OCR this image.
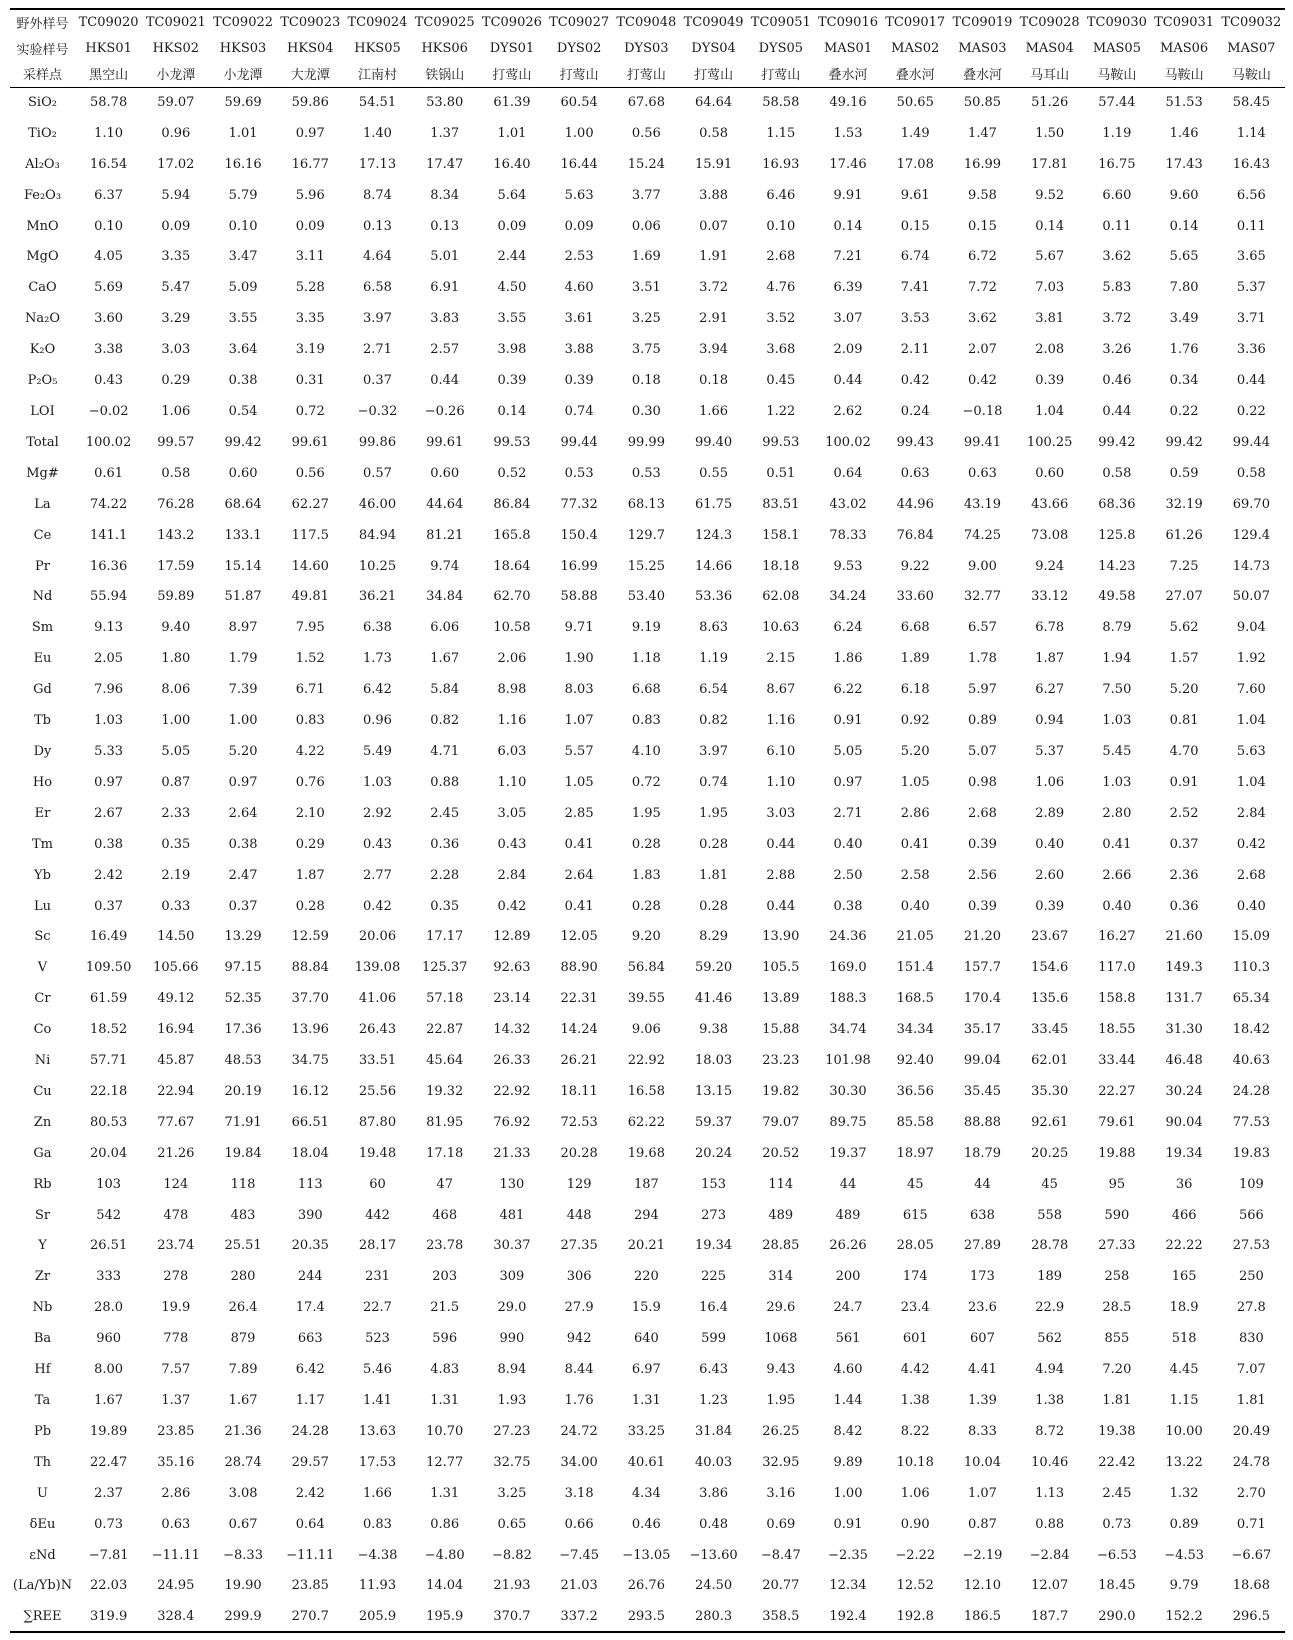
野外样号	TC09020	TC09021	TC09022	TC09023	TC09024	TC09025	TC09026	TC09027	TC09048	TC09049	TC09051	TC09016	TC09017	TC09019	TC09028	TC09030	TC09031	TC09032
实验样号	HKS01	HKS02	HKS03	HKS04	HKS05	HKS06	DYS01	DYS02	DYS03	DYS04	DYS05	MAS01	MAS02	MAS03	MAS04	MAS05	MAS06	MAS07
采样点	黑空山	小龙潭	小龙潭	大龙潭	江南村	铁锅山	打莺山	打莺山	打莺山	打莺山	打莺山	叠水河	叠水河	叠水河	马耳山	马鞍山	马鞍山	马鞍山
SiO₂	58.78	59.07	59.69	59.86	54.51	53.80	61.39	60.54	67.68	64.64	58.58	49.16	50.65	50.85	51.26	57.44	51.53	58.45
TiO₂	1.10	0.96	1.01	0.97	1.40	1.37	1.01	1.00	0.56	0.58	1.15	1.53	1.49	1.47	1.50	1.19	1.46	1.14
Al₂O₃	16.54	17.02	16.16	16.77	17.13	17.47	16.40	16.44	15.24	15.91	16.93	17.46	17.08	16.99	17.81	16.75	17.43	16.43
Fe₂O₃	6.37	5.94	5.79	5.96	8.74	8.34	5.64	5.63	3.77	3.88	6.46	9.91	9.61	9.58	9.52	6.60	9.60	6.56
MnO	0.10	0.09	0.10	0.09	0.13	0.13	0.09	0.09	0.06	0.07	0.10	0.14	0.15	0.15	0.14	0.11	0.14	0.11
MgO	4.05	3.35	3.47	3.11	4.64	5.01	2.44	2.53	1.69	1.91	2.68	7.21	6.74	6.72	5.67	3.62	5.65	3.65
CaO	5.69	5.47	5.09	5.28	6.58	6.91	4.50	4.60	3.51	3.72	4.76	6.39	7.41	7.72	7.03	5.83	7.80	5.37
Na₂O	3.60	3.29	3.55	3.35	3.97	3.83	3.55	3.61	3.25	2.91	3.52	3.07	3.53	3.62	3.81	3.72	3.49	3.71
K₂O	3.38	3.03	3.64	3.19	2.71	2.57	3.98	3.88	3.75	3.94	3.68	2.09	2.11	2.07	2.08	3.26	1.76	3.36
P₂O₅	0.43	0.29	0.38	0.31	0.37	0.44	0.39	0.39	0.18	0.18	0.45	0.44	0.42	0.42	0.39	0.46	0.34	0.44
LOI	−0.02	1.06	0.54	0.72	−0.32	−0.26	0.14	0.74	0.30	1.66	1.22	2.62	0.24	−0.18	1.04	0.44	0.22	0.22
Total	100.02	99.57	99.42	99.61	99.86	99.61	99.53	99.44	99.99	99.40	99.53	100.02	99.43	99.41	100.25	99.42	99.42	99.44
Mg#	0.61	0.58	0.60	0.56	0.57	0.60	0.52	0.53	0.53	0.55	0.51	0.64	0.63	0.63	0.60	0.58	0.59	0.58
La	74.22	76.28	68.64	62.27	46.00	44.64	86.84	77.32	68.13	61.75	83.51	43.02	44.96	43.19	43.66	68.36	32.19	69.70
Ce	141.1	143.2	133.1	117.5	84.94	81.21	165.8	150.4	129.7	124.3	158.1	78.33	76.84	74.25	73.08	125.8	61.26	129.4
Pr	16.36	17.59	15.14	14.60	10.25	9.74	18.64	16.99	15.25	14.66	18.18	9.53	9.22	9.00	9.24	14.23	7.25	14.73
Nd	55.94	59.89	51.87	49.81	36.21	34.84	62.70	58.88	53.40	53.36	62.08	34.24	33.60	32.77	33.12	49.58	27.07	50.07
Sm	9.13	9.40	8.97	7.95	6.38	6.06	10.58	9.71	9.19	8.63	10.63	6.24	6.68	6.57	6.78	8.79	5.62	9.04
Eu	2.05	1.80	1.79	1.52	1.73	1.67	2.06	1.90	1.18	1.19	2.15	1.86	1.89	1.78	1.87	1.94	1.57	1.92
Gd	7.96	8.06	7.39	6.71	6.42	5.84	8.98	8.03	6.68	6.54	8.67	6.22	6.18	5.97	6.27	7.50	5.20	7.60
Tb	1.03	1.00	1.00	0.83	0.96	0.82	1.16	1.07	0.83	0.82	1.16	0.91	0.92	0.89	0.94	1.03	0.81	1.04
Dy	5.33	5.05	5.20	4.22	5.49	4.71	6.03	5.57	4.10	3.97	6.10	5.05	5.20	5.07	5.37	5.45	4.70	5.63
Ho	0.97	0.87	0.97	0.76	1.03	0.88	1.10	1.05	0.72	0.74	1.10	0.97	1.05	0.98	1.06	1.03	0.91	1.04
Er	2.67	2.33	2.64	2.10	2.92	2.45	3.05	2.85	1.95	1.95	3.03	2.71	2.86	2.68	2.89	2.80	2.52	2.84
Tm	0.38	0.35	0.38	0.29	0.43	0.36	0.43	0.41	0.28	0.28	0.44	0.40	0.41	0.39	0.40	0.41	0.37	0.42
Yb	2.42	2.19	2.47	1.87	2.77	2.28	2.84	2.64	1.83	1.81	2.88	2.50	2.58	2.56	2.60	2.66	2.36	2.68
Lu	0.37	0.33	0.37	0.28	0.42	0.35	0.42	0.41	0.28	0.28	0.44	0.38	0.40	0.39	0.39	0.40	0.36	0.40
Sc	16.49	14.50	13.29	12.59	20.06	17.17	12.89	12.05	9.20	8.29	13.90	24.36	21.05	21.20	23.67	16.27	21.60	15.09
V	109.50	105.66	97.15	88.84	139.08	125.37	92.63	88.90	56.84	59.20	105.5	169.0	151.4	157.7	154.6	117.0	149.3	110.3
Cr	61.59	49.12	52.35	37.70	41.06	57.18	23.14	22.31	39.55	41.46	13.89	188.3	168.5	170.4	135.6	158.8	131.7	65.34
Co	18.52	16.94	17.36	13.96	26.43	22.87	14.32	14.24	9.06	9.38	15.88	34.74	34.34	35.17	33.45	18.55	31.30	18.42
Ni	57.71	45.87	48.53	34.75	33.51	45.64	26.33	26.21	22.92	18.03	23.23	101.98	92.40	99.04	62.01	33.44	46.48	40.63
Cu	22.18	22.94	20.19	16.12	25.56	19.32	22.92	18.11	16.58	13.15	19.82	30.30	36.56	35.45	35.30	22.27	30.24	24.28
Zn	80.53	77.67	71.91	66.51	87.80	81.95	76.92	72.53	62.22	59.37	79.07	89.75	85.58	88.88	92.61	79.61	90.04	77.53
Ga	20.04	21.26	19.84	18.04	19.48	17.18	21.33	20.28	19.68	20.24	20.52	19.37	18.97	18.79	20.25	19.88	19.34	19.83
Rb	103	124	118	113	60	47	130	129	187	153	114	44	45	44	45	95	36	109
Sr	542	478	483	390	442	468	481	448	294	273	489	489	615	638	558	590	466	566
Y	26.51	23.74	25.51	20.35	28.17	23.78	30.37	27.35	20.21	19.34	28.85	26.26	28.05	27.89	28.78	27.33	22.22	27.53
Zr	333	278	280	244	231	203	309	306	220	225	314	200	174	173	189	258	165	250
Nb	28.0	19.9	26.4	17.4	22.7	21.5	29.0	27.9	15.9	16.4	29.6	24.7	23.4	23.6	22.9	28.5	18.9	27.8
Ba	960	778	879	663	523	596	990	942	640	599	1068	561	601	607	562	855	518	830
Hf	8.00	7.57	7.89	6.42	5.46	4.83	8.94	8.44	6.97	6.43	9.43	4.60	4.42	4.41	4.94	7.20	4.45	7.07
Ta	1.67	1.37	1.67	1.17	1.41	1.31	1.93	1.76	1.31	1.23	1.95	1.44	1.38	1.39	1.38	1.81	1.15	1.81
Pb	19.89	23.85	21.36	24.28	13.63	10.70	27.23	24.72	33.25	31.84	26.25	8.42	8.22	8.33	8.72	19.38	10.00	20.49
Th	22.47	35.16	28.74	29.57	17.53	12.77	32.75	34.00	40.61	40.03	32.95	9.89	10.18	10.04	10.46	22.42	13.22	24.78
U	2.37	2.86	3.08	2.42	1.66	1.31	3.25	3.18	4.34	3.86	3.16	1.00	1.06	1.07	1.13	2.45	1.32	2.70
δEu	0.73	0.63	0.67	0.64	0.83	0.86	0.65	0.66	0.46	0.48	0.69	0.91	0.90	0.87	0.88	0.73	0.89	0.71
εNd	−7.81	−11.11	−8.33	−11.11	−4.38	−4.80	−8.82	−7.45	−13.05	−13.60	−8.47	−2.35	−2.22	−2.19	−2.84	−6.53	−4.53	−6.67
(La/Yb)N	22.03	24.95	19.90	23.85	11.93	14.04	21.93	21.03	26.76	24.50	20.77	12.34	12.52	12.10	12.07	18.45	9.79	18.68
∑REE	319.9	328.4	299.9	270.7	205.9	195.9	370.7	337.2	293.5	280.3	358.5	192.4	192.8	186.5	187.7	290.0	152.2	296.5
